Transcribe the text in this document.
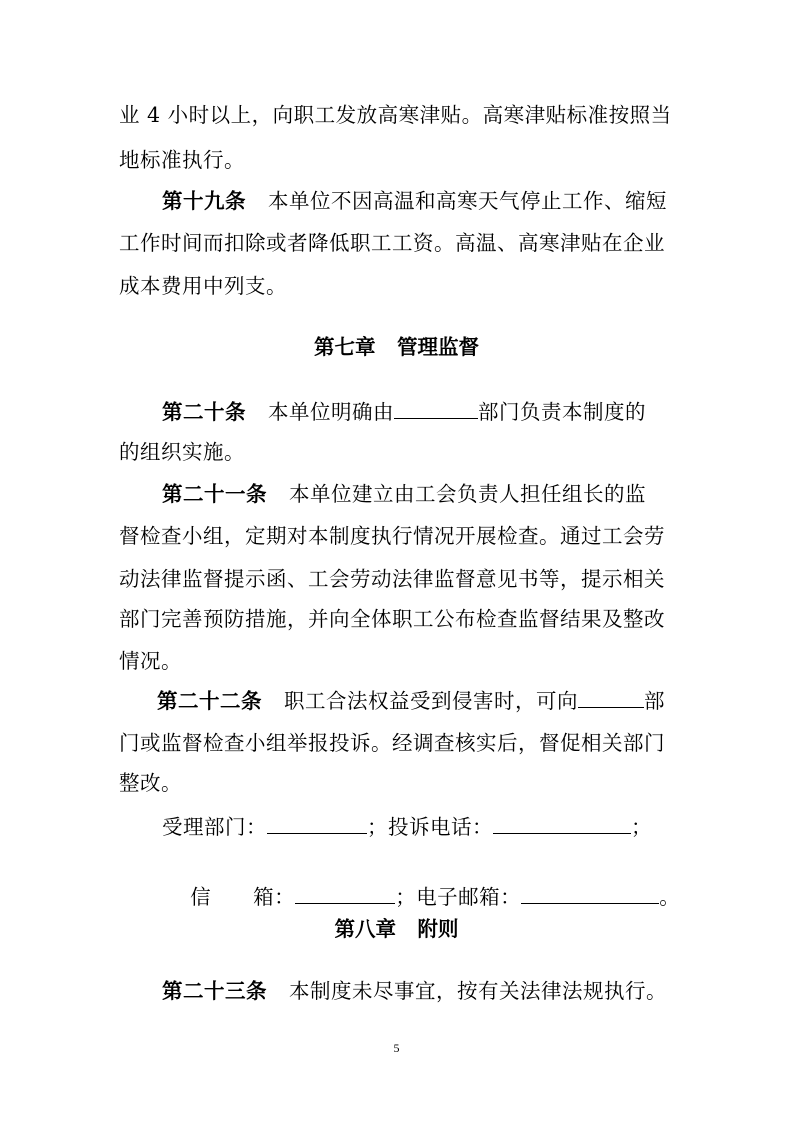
业 4 小时以上，向职工发放高寒津贴。高寒津贴标准按照当
地标准执行。
第十九条 本单位不因高温和高寒天气停止工作、缩短
工作时间而扣除或者降低职工工资。高温、高寒津贴在企业
成本费用中列支。
第七章   管理监督
第二十条 本单位明确由	部门负责本制度的
的组织实施。
第二十一条 本单位建立由工会负责人担任组长的监
督检查小组，定期对本制度执行情况开展检查。通过工会劳
动法律监督提示函、工会劳动法律监督意见书等，提示相关
部门完善预防措施，并向全体职工公布检查监督结果及整改
情况。
第二十二条 职工合法权益受到侵害时，可向	部
门或监督检查小组举报投诉。经调查核实后，督促相关部门
整改。
受理部门：	；投诉电话：	；

信      箱：	；电子邮箱：	。

第八章   附则
第二十三条 本制度未尽事宜，按有关法律法规执行。
5
